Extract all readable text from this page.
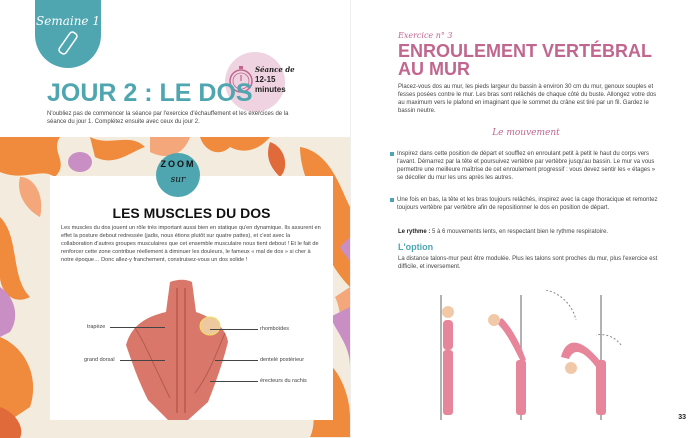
Semaine 1
Séance de
12-15
minutes
JOUR 2 : LE DOS

N'oubliez pas de commencer la séance par l'exercice d'échauffement et les exercices de la séance du jour 1. Complétez ensuite avec ceux du jour 2.

LES MUSCLES DU DOS

Les muscles du dos jouent un rôle très important aussi bien en statique qu'en dynamique. Ils assurent en effet la posture debout redressée (jadis, nous étions plutôt sur quatre pattes), et c'est avec la collaboration d'autres groupes musculaires que cet ensemble musculaire nous tient debout ! Et le fait de renforcer cette zone contribue réellement à diminuer les douleurs, le fameux « mal de dos » si cher à notre époque… Donc allez-y franchement, construisez-vous un dos solide !

trapèze	rhomboïdes
grand dorsal	dentelé postérieur
érecteurs du rachis
ZOOM
sur
Exercice n° 3
ENROULEMENT VERTÉBRAL
AU MUR

Placez-vous dos au mur, les pieds largeur du bassin à environ 30 cm du mur, genoux souples et fesses posées contre le mur. Les bras sont relâchés de chaque côté du buste. Allongez votre dos au maximum vers le plafond en imaginant que le sommet du crâne est tiré par un fil. Gardez le bassin neutre.

Le mouvement

Inspirez dans cette position de départ et soufflez en enroulant petit à petit le haut du corps vers l'avant. Démarrez par la tête et poursuivez vertèbre par vertèbre jusqu'au bassin. Le mur va vous permettre une meilleure maîtrise de cet enroulement progressif : vous devez sentir les « étages » se décoller du mur les uns après les autres.

Une fois en bas, la tête et les bras toujours relâchés, inspirez avec la cage thoracique et remontez toujours vertèbre par vertèbre afin de repositionner le dos en position de départ.

Le rythme : 5 à 6 mouvements lents, en respectant bien le rythme respiratoire.

L'option

La distance talons-mur peut être modulée. Plus les talons sont proches du mur, plus l'exercice est difficile, et inversement.

33
